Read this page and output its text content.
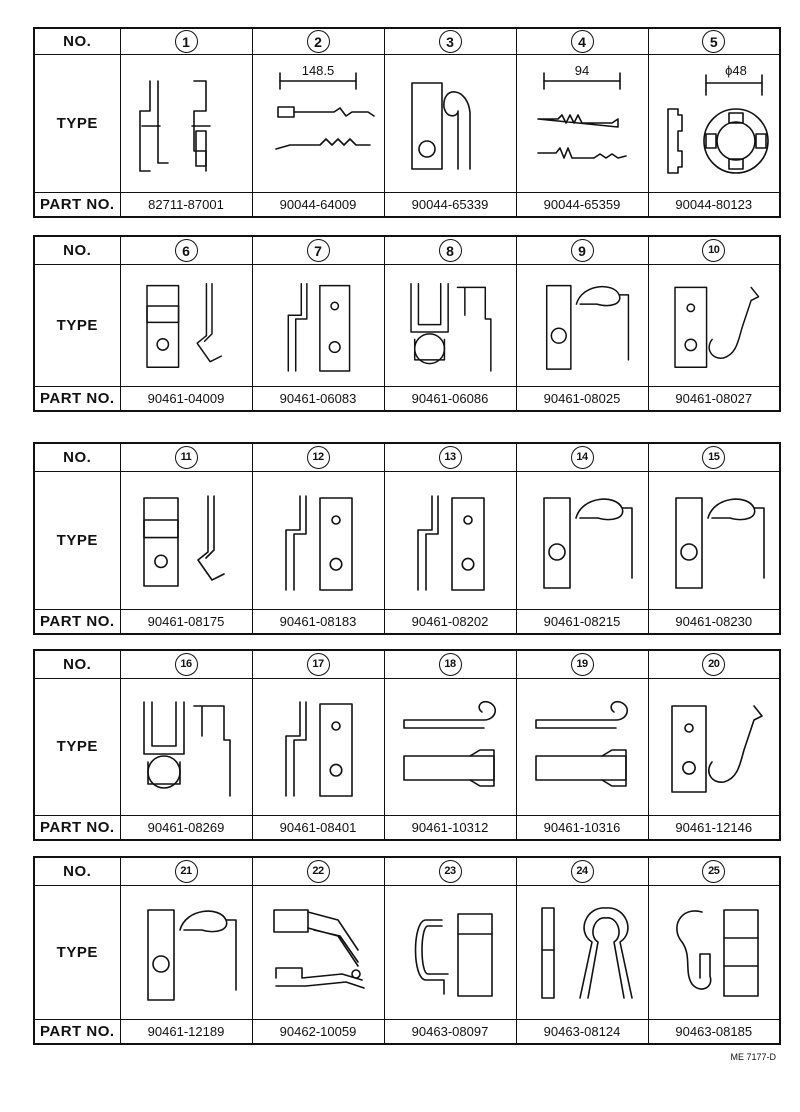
NO.	1	2	3	4	5
TYPE		148.5		94	ϕ48

PART NO.	82711-87001	90044-64009	90044-65339	90044-65359	90044-80123
NO.	6	7	8	9	10
TYPE	

PART NO.	90461-04009	90461-06083	90461-06086	90461-08025	90461-08027
NO.	11	12	13	14	15
TYPE	

PART NO.	90461-08175	90461-08183	90461-08202	90461-08215	90461-08230
NO.	16	17	18	19	20
TYPE	

PART NO.	90461-08269	90461-08401	90461-10312	90461-10316	90461-12146
NO.	21	22	23	24	25
TYPE	

PART NO.	90461-12189	90462-10059	90463-08097	90463-08124	90463-08185
ME 7177-D
